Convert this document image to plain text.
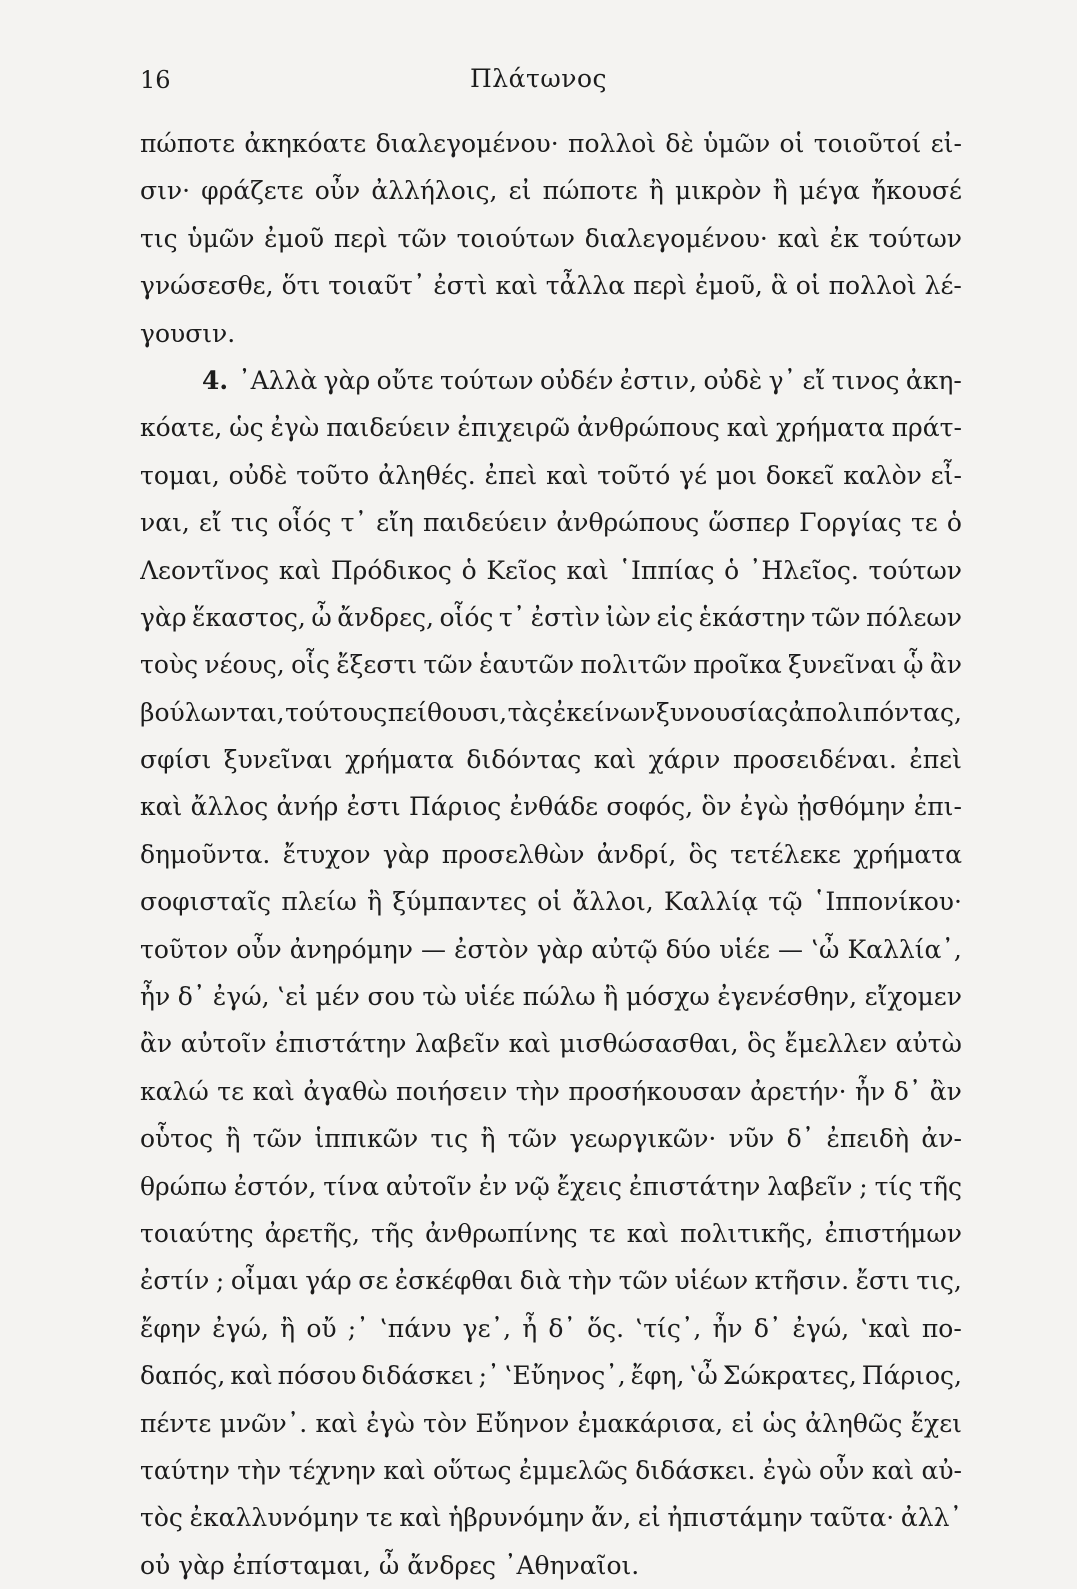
16	Πλάτωνος
πώποτε ἀκηκόατε διαλεγομένου· πολλοὶ δὲ ὑμῶν οἱ τοιοῦτοί εἰ-
σιν· φράζετε οὖν ἀλλήλοις, εἰ πώποτε ἢ μικρὸν ἢ μέγα ἤκουσέ
τις ὑμῶν ἐμοῦ περὶ τῶν τοιούτων διαλεγομένου· καὶ ἐκ τούτων
γνώσεσθε, ὅτι τοιαῦτ᾽ ἐστὶ καὶ τἆλλα περὶ ἐμοῦ, ἃ οἱ πολλοὶ λέ-
γουσιν.
4. ᾽Αλλὰ γὰρ οὔτε τούτων οὐδέν ἐστιν, οὐδὲ γ᾽ εἴ τινος ἀκη-
κόατε, ὡς ἐγὼ παιδεύειν ἐπιχειρῶ ἀνθρώπους καὶ χρήματα πράτ-
τομαι, οὐδὲ τοῦτο ἀληθές. ἐπεὶ καὶ τοῦτό γέ μοι δοκεῖ καλὸν εἶ-
ναι, εἴ τις οἷός τ᾽ εἴη παιδεύειν ἀνθρώπους ὥσπερ Γοργίας τε ὁ
Λεοντῖνος καὶ Πρόδικος ὁ Κεῖος καὶ ῾Ιππίας ὁ ᾽Ηλεῖος. τούτων
γὰρ ἕκαστος, ὦ ἄνδρες, οἷός τ᾽ ἐστὶν ἰὼν εἰς ἑκάστην τῶν πόλεων
τοὺς νέους, οἷς ἔξεστι τῶν ἑαυτῶν πολιτῶν προῖκα ξυνεῖναι ᾧ ἂν
βούλωνται, τούτους πείθουσι, τὰς ἐκείνων ξυνουσίας ἀπολιπόντας,
σφίσι ξυνεῖναι χρήματα διδόντας καὶ χάριν προσειδέναι. ἐπεὶ
καὶ ἄλλος ἀνήρ ἐστι Πάριος ἐνθάδε σοφός, ὃν ἐγὼ ᾐσθόμην ἐπι-
δημοῦντα. ἔτυχον γὰρ προσελθὼν ἀνδρί, ὃς τετέλεκε χρήματα
σοφισταῖς πλείω ἢ ξύμπαντες οἱ ἄλλοι, Καλλίᾳ τῷ ῾Ιππονίκου·
τοῦτον οὖν ἀνηρόμην — ἐστὸν γὰρ αὐτῷ δύο υἱέε — ‛ὦ Καλλία᾽,
ἦν δ᾽ ἐγώ, ‛εἰ μέν σου τὼ υἱέε πώλω ἢ μόσχω ἐγενέσθην, εἴχομεν
ἂν αὐτοῖν ἐπιστάτην λαβεῖν καὶ μισθώσασθαι, ὃς ἔμελλεν αὐτὼ
καλώ τε καὶ ἀγαθὼ ποιήσειν τὴν προσήκουσαν ἀρετήν· ἦν δ᾽ ἂν
οὗτος ἢ τῶν ἱππικῶν τις ἢ τῶν γεωργικῶν· νῦν δ᾽ ἐπειδὴ ἀν-
θρώπω ἐστόν, τίνα αὐτοῖν ἐν νῷ ἔχεις ἐπιστάτην λαβεῖν ; τίς τῆς
τοιαύτης ἀρετῆς, τῆς ἀνθρωπίνης τε καὶ πολιτικῆς, ἐπιστήμων
ἐστίν ; οἶμαι γάρ σε ἐσκέφθαι διὰ τὴν τῶν υἱέων κτῆσιν. ἔστι τις,
ἔφην ἐγώ, ἢ οὔ ;᾽ ‛πάνυ γε᾽, ἦ δ᾽ ὅς. ‛τίς᾽, ἦν δ᾽ ἐγώ, ‛καὶ πο-
δαπός, καὶ πόσου διδάσκει ;᾽ ‛Εὔηνος᾽, ἔφη, ‛ὦ Σώκρατες, Πάριος,
πέντε μνῶν᾽. καὶ ἐγὼ τὸν Εὔηνον ἐμακάρισα, εἰ ὡς ἀληθῶς ἔχει
ταύτην τὴν τέχνην καὶ οὕτως ἐμμελῶς διδάσκει. ἐγὼ οὖν καὶ αὐ-
τὸς ἐκαλλυνόμην τε καὶ ἡβρυνόμην ἄν, εἰ ἠπιστάμην ταῦτα· ἀλλ᾽
οὐ γὰρ ἐπίσταμαι, ὦ ἄνδρες ᾽Αθηναῖοι.
